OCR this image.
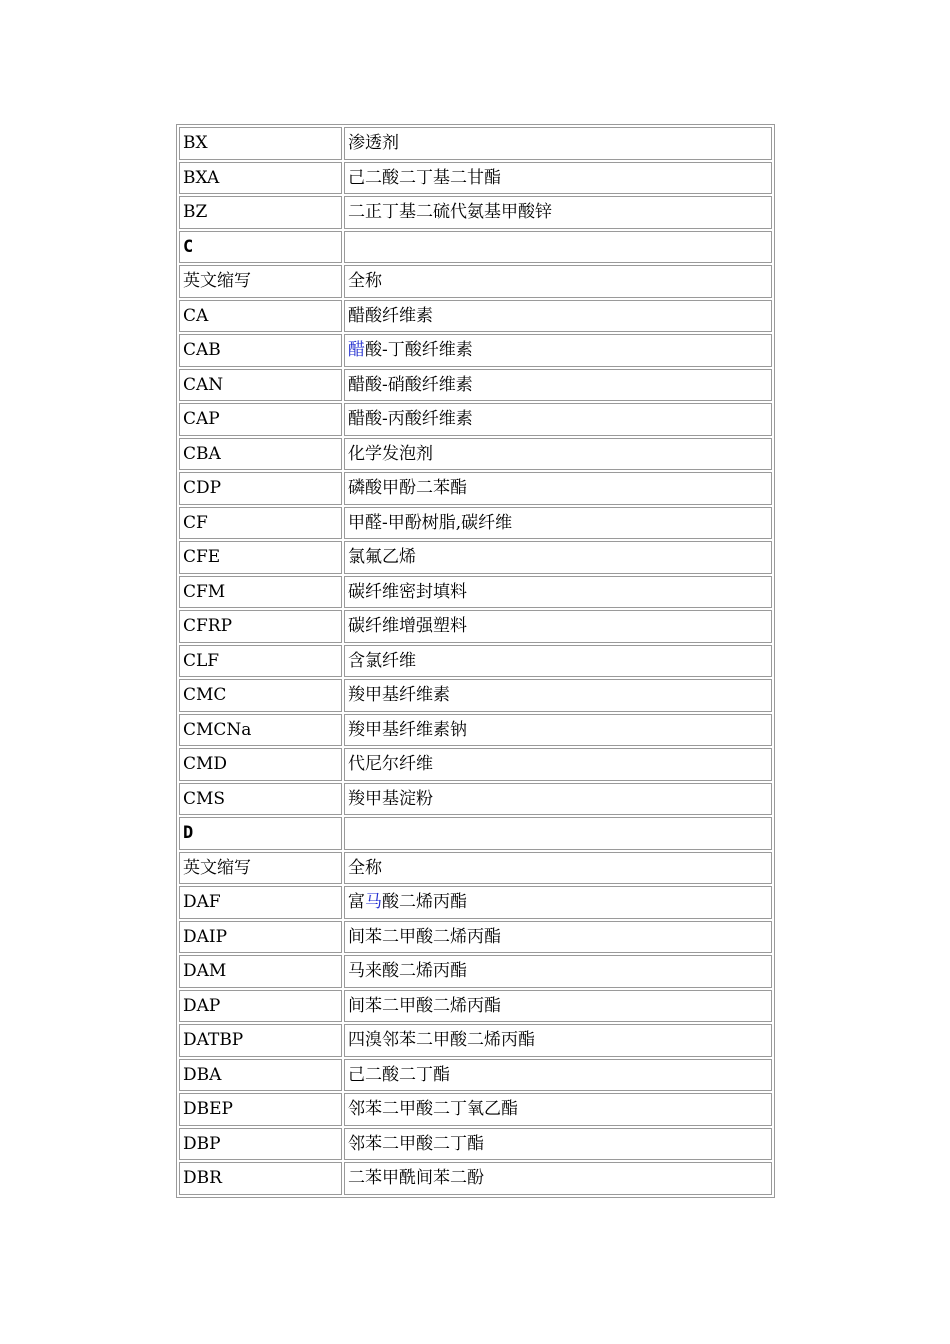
BX	渗透剂
BXA	己二酸二丁基二甘酯
BZ	二正丁基二硫代氨基甲酸锌
C	
英文缩写	全称
CA	醋酸纤维素
CAB	醋酸-丁酸纤维素
CAN	醋酸-硝酸纤维素
CAP	醋酸-丙酸纤维素
CBA	化学发泡剂
CDP	磷酸甲酚二苯酯
CF	甲醛-甲酚树脂,碳纤维
CFE	氯氟乙烯
CFM	碳纤维密封填料
CFRP	碳纤维增强塑料
CLF	含氯纤维
CMC	羧甲基纤维素
CMCNa	羧甲基纤维素钠
CMD	代尼尔纤维
CMS	羧甲基淀粉
D	
英文缩写	全称
DAF	富马酸二烯丙酯
DAIP	间苯二甲酸二烯丙酯
DAM	马来酸二烯丙酯
DAP	间苯二甲酸二烯丙酯
DATBP	四溴邻苯二甲酸二烯丙酯
DBA	己二酸二丁酯
DBEP	邻苯二甲酸二丁氧乙酯
DBP	邻苯二甲酸二丁酯
DBR	二苯甲酰间苯二酚
